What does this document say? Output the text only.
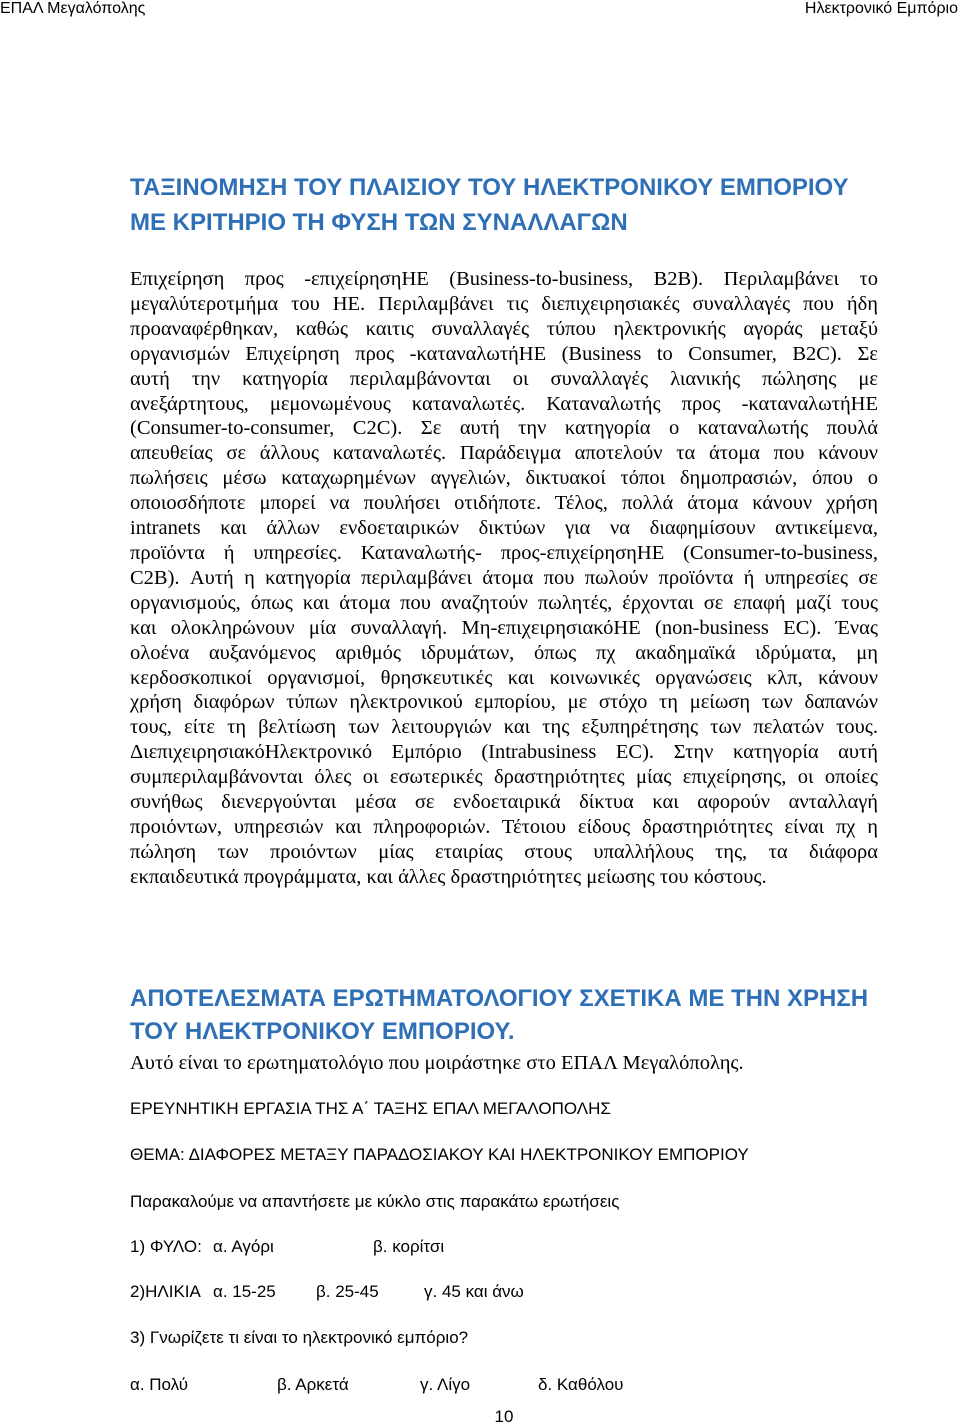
ΕΠΑΛ Μεγαλόπολης	Ηλεκτρονικό Εμπόριο
ΤΑΞΙΝΟΜΗΣΗ ΤΟΥ ΠΛΑΙΣΙΟΥ ΤΟΥ ΗΛΕΚΤΡΟΝΙΚΟΥ ΕΜΠΟΡΙΟΥ
ΜΕ ΚΡΙΤΗΡΙΟ ΤΗ ΦΥΣΗ ΤΩΝ ΣΥΝΑΛΛΑΓΩΝ
Επιχείρηση προς -επιχείρησηΗΕ (Business-to-business, B2B). Περιλαμβάνει το
μεγαλύτεροτμήμα του ΗΕ. Περιλαμβάνει τις διεπιχειρησιακές συναλλαγές που ήδη
προαναφέρθηκαν, καθώς καιτις συναλλαγές τύπου ηλεκτρονικής αγοράς μεταξύ
οργανισμών Επιχείρηση προς -καταναλωτήΗΕ (Business to Consumer, B2C). Σε
αυτή την κατηγορία περιλαμβάνονται οι συναλλαγές λιανικής πώλησης με
ανεξάρτητους, μεμονωμένους καταναλωτές. Καταναλωτής προς -καταναλωτήΗΕ
(Consumer-to-consumer, C2C). Σε αυτή την κατηγορία ο καταναλωτής πουλά
απευθείας σε άλλους καταναλωτές. Παράδειγμα αποτελούν τα άτομα που κάνουν
πωλήσεις μέσω καταχωρημένων αγγελιών, δικτυακοί τόποι δημοπρασιών, όπου ο
οποιοσδήποτε μπορεί να πουλήσει οτιδήποτε. Τέλος, πολλά άτομα κάνουν χρήση
intranets και άλλων ενδοεταιρικών δικτύων για να διαφημίσουν αντικείμενα,
προϊόντα ή υπηρεσίες. Καταναλωτής- προς-επιχείρησηΗΕ (Consumer-to-business,
C2B). Αυτή η κατηγορία περιλαμβάνει άτομα που πωλούν προϊόντα ή υπηρεσίες σε
οργανισμούς, όπως και άτομα που αναζητούν πωλητές, έρχονται σε επαφή μαζί τους
και ολοκληρώνουν μία συναλλαγή. Μη-επιχειρησιακόΗΕ (non-business EC). Ένας
ολοένα αυξανόμενος αριθμός ιδρυμάτων, όπως πχ ακαδημαϊκά ιδρύματα, μη
κερδοσκοπικοί οργανισμοί, θρησκευτικές και κοινωνικές οργανώσεις κλπ, κάνουν
χρήση διαφόρων τύπων ηλεκτρονικού εμπορίου, με στόχο τη μείωση των δαπανών
τους, είτε τη βελτίωση των λειτουργιών και της εξυπηρέτησης των πελατών τους.
ΔιεπιχειρησιακόΗλεκτρονικό Εμπόριο (Intrabusiness EC). Στην κατηγορία αυτή
συμπεριλαμβάνονται όλες οι εσωτερικές δραστηριότητες μίας επιχείρησης, οι οποίες
συνήθως διενεργούνται μέσα σε ενδοεταιρικά δίκτυα και αφορούν ανταλλαγή
προιόντων, υπηρεσιών και πληροφοριών. Τέτοιου είδους δραστηριότητες είναι πχ η
πώληση των προιόντων μίας εταιρίας στους υπαλλήλους της, τα διάφορα
εκπαιδευτικά προγράμματα, και άλλες δραστηριότητες μείωσης του κόστους.
ΑΠΟΤΕΛΕΣΜΑΤΑ ΕΡΩΤΗΜΑΤΟΛΟΓΙΟΥ ΣΧΕΤΙΚΑ ΜΕ ΤΗΝ ΧΡΗΣΗ
ΤΟΥ ΗΛΕΚΤΡΟΝΙΚΟΥ ΕΜΠΟΡΙΟΥ.
Αυτό είναι το ερωτηματολόγιο που μοιράστηκε στο ΕΠΑΛ Μεγαλόπολης.
ΕΡΕΥΝΗΤΙΚΗ ΕΡΓΑΣΙΑ ΤΗΣ Α΄ ΤΑΞΗΣ ΕΠΑΛ ΜΕΓΑΛΟΠΟΛΗΣ
ΘΕΜΑ: ΔΙΑΦΟΡΕΣ ΜΕΤΑΞΥ ΠΑΡΑΔΟΣΙΑΚΟΥ ΚΑΙ ΗΛΕΚΤΡΟΝΙΚΟΥ ΕΜΠΟΡΙΟΥ
Παρακαλούμε να απαντήσετε με κύκλο στις παρακάτω ερωτήσεις
1) ΦΥΛΟ: α. Αγόρι	β. κορίτσι
2)ΗΛΙΚΙΑ α. 15-25 β. 25-45	γ. 45 και άνω
3) Γνωρίζετε τι είναι το ηλεκτρονικό εμπόριο?
α. Πολύ	β. Αρκετά	γ. Λίγο	δ. Καθόλου
10
